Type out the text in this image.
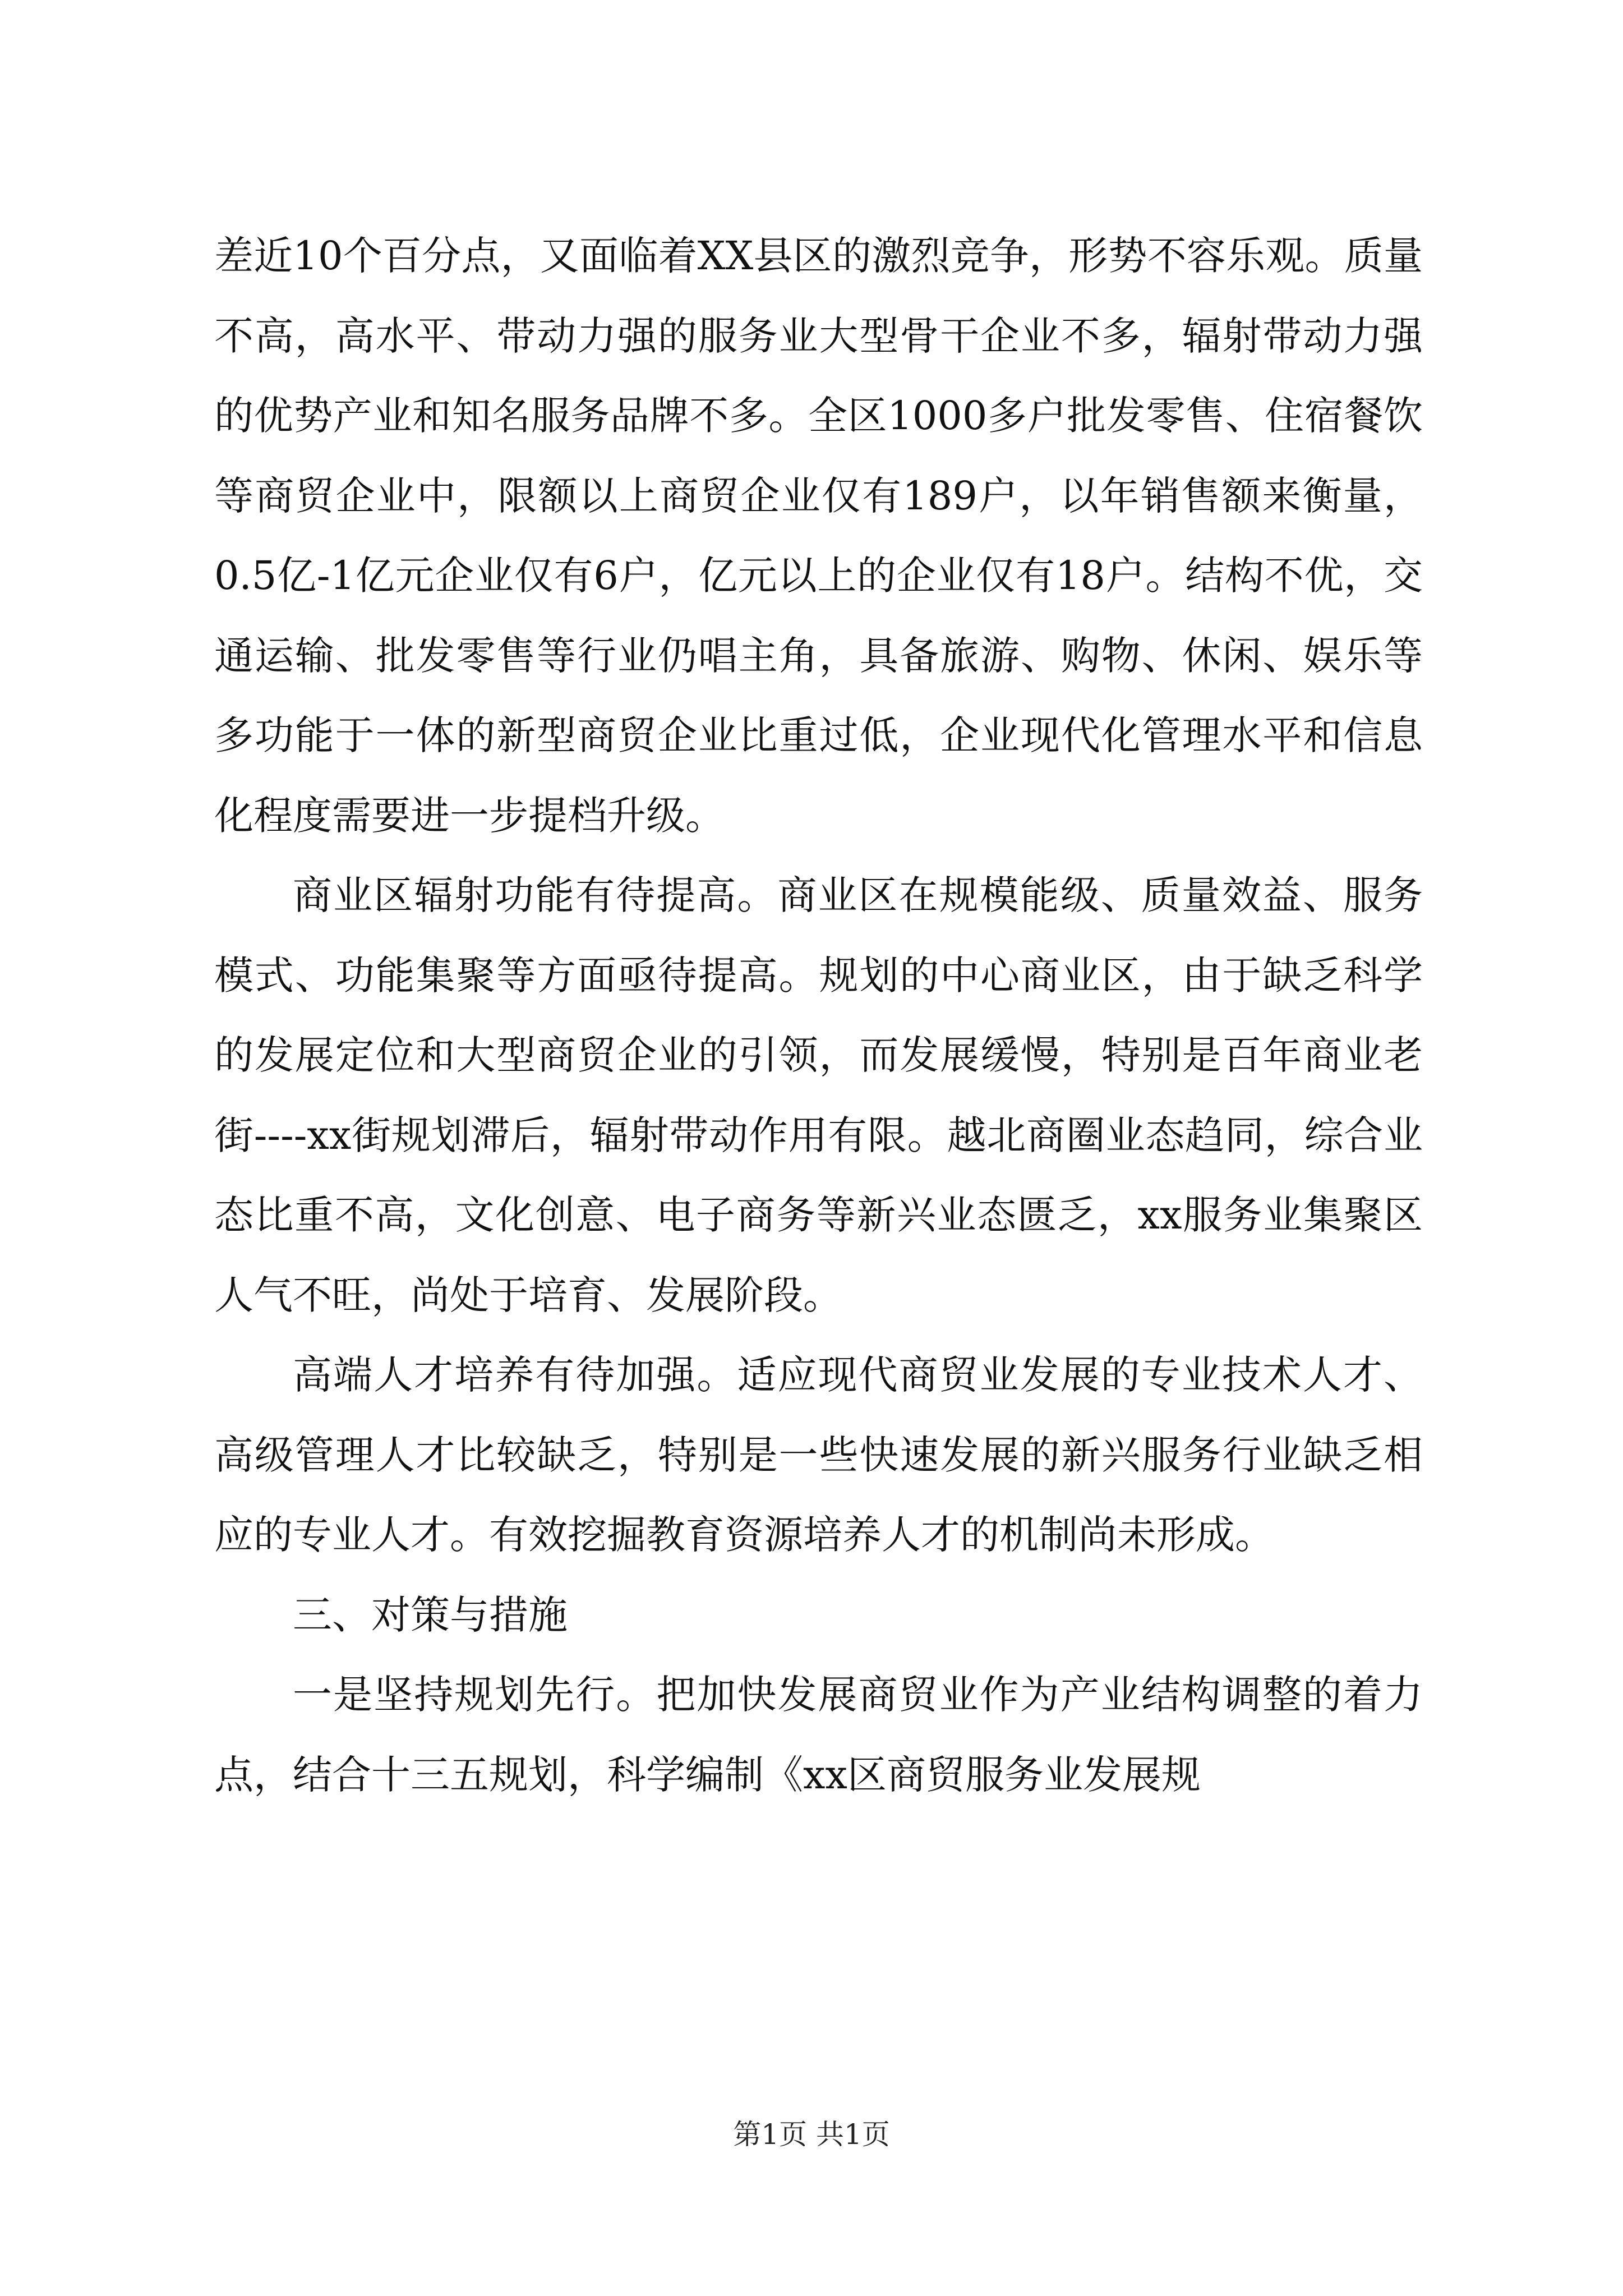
差近10个百分点，又面临着XX县区的激烈竞争，形势不容乐观。质量不高，高水平、带动力强的服务业大型骨干企业不多，辐射带动力强的优势产业和知名服务品牌不多。全区1000多户批发零售、住宿餐饮等商贸企业中，限额以上商贸企业仅有189户，以年销售额来衡量，0.5亿-1亿元企业仅有6户，亿元以上的企业仅有18户。结构不优，交通运输、批发零售等行业仍唱主角，具备旅游、购物、休闲、娱乐等多功能于一体的新型商贸企业比重过低，企业现代化管理水平和信息化程度需要进一步提档升级。

商业区辐射功能有待提高。商业区在规模能级、质量效益、服务模式、功能集聚等方面亟待提高。规划的中心商业区，由于缺乏科学的发展定位和大型商贸企业的引领，而发展缓慢，特别是百年商业老街----xx街规划滞后，辐射带动作用有限。越北商圈业态趋同，综合业态比重不高，文化创意、电子商务等新兴业态匮乏，xx服务业集聚区人气不旺，尚处于培育、发展阶段。

高端人才培养有待加强。适应现代商贸业发展的专业技术人才、高级管理人才比较缺乏，特别是一些快速发展的新兴服务行业缺乏相应的专业人才。有效挖掘教育资源培养人才的机制尚未形成。

三、对策与措施

一是坚持规划先行。把加快发展商贸业作为产业结构调整的着力点，结合十三五规划，科学编制《xx区商贸服务业发展规

第1页 共1页
